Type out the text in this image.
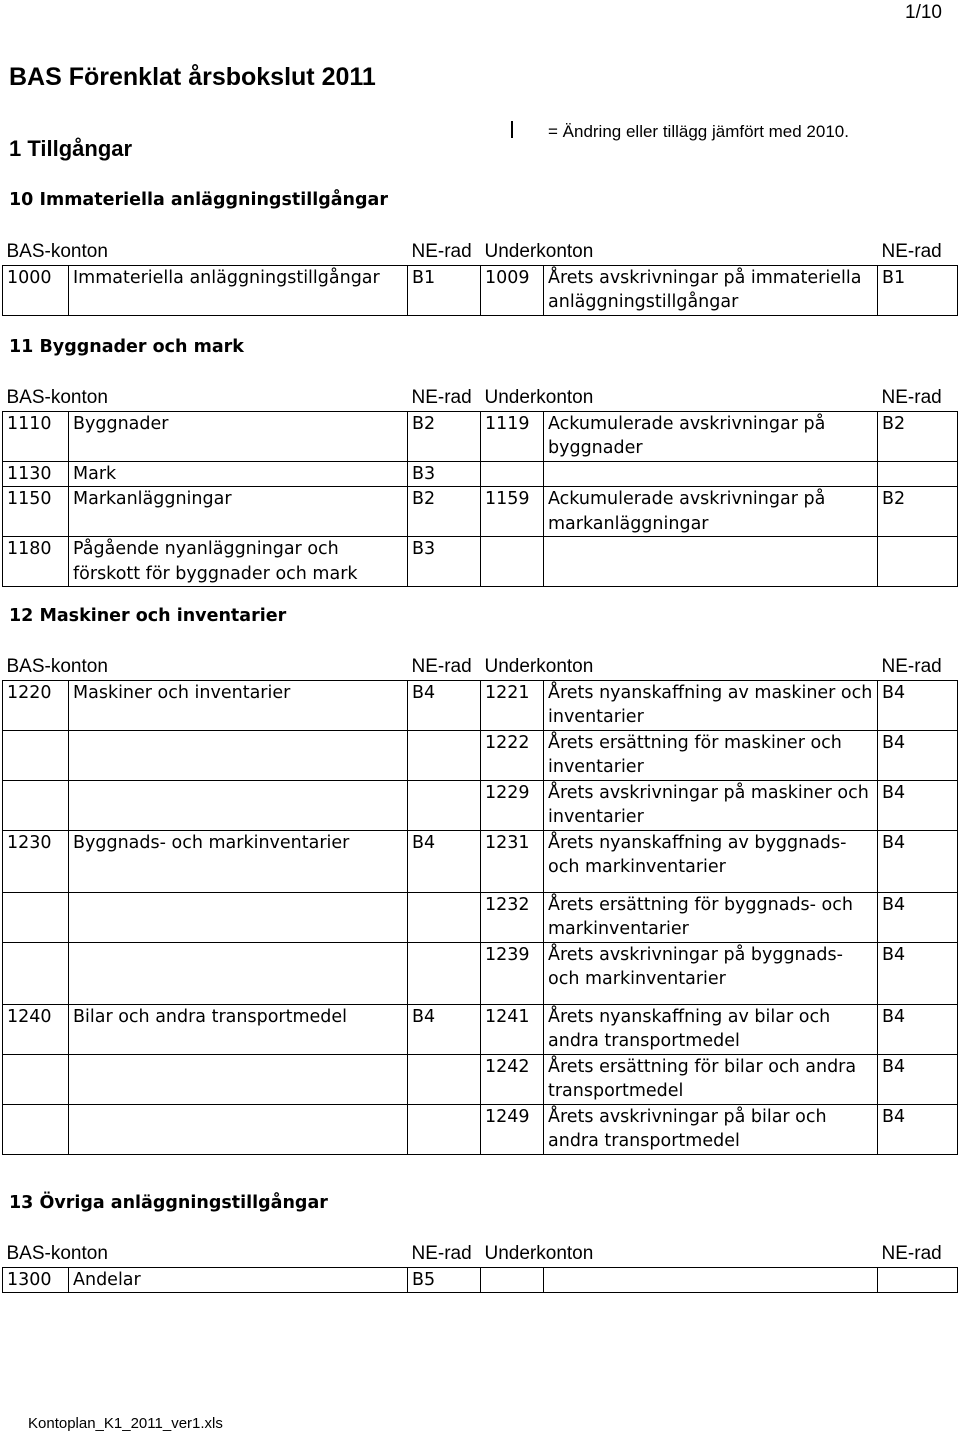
1/10
BAS Förenklat årsbokslut 2011
1 Tillgångar
= Ändring eller tillägg jämfört med 2010.
10 Immateriella anläggningstillgångar
BAS-konton		NE-rad	Underkonton		NE-rad
1000	Immateriella anläggningstillgångar	B1	1009	Årets avskrivningar på immateriella anläggningstillgångar	B1
11 Byggnader och mark
BAS-konton		NE-rad	Underkonton		NE-rad
1110	Byggnader	B2	1119	Ackumulerade avskrivningar på byggnader	B2
1130	Mark	B3			
1150	Markanläggningar	B2	1159	Ackumulerade avskrivningar på markanläggningar	B2
1180	Pågående nyanläggningar och förskott för byggnader och mark	B3			
12 Maskiner och inventarier
BAS-konton		NE-rad	Underkonton		NE-rad
1220	Maskiner och inventarier	B4	1221	Årets nyanskaffning av maskiner och inventarier	B4
			1222	Årets ersättning för maskiner och inventarier	B4
			1229	Årets avskrivningar på maskiner och inventarier	B4
1230	Byggnads- och markinventarier	B4	1231	Årets nyanskaffning av byggnads- och markinventarier	B4
			1232	Årets ersättning för byggnads- och markinventarier	B4
			1239	Årets avskrivningar på byggnads- och markinventarier	B4
1240	Bilar och andra transportmedel	B4	1241	Årets nyanskaffning av bilar och andra transportmedel	B4
			1242	Årets ersättning för bilar och andra transportmedel	B4
			1249	Årets avskrivningar på bilar och andra transportmedel	B4
13 Övriga anläggningstillgångar
BAS-konton		NE-rad	Underkonton		NE-rad
1300	Andelar	B5			
Kontoplan_K1_2011_ver1.xls
